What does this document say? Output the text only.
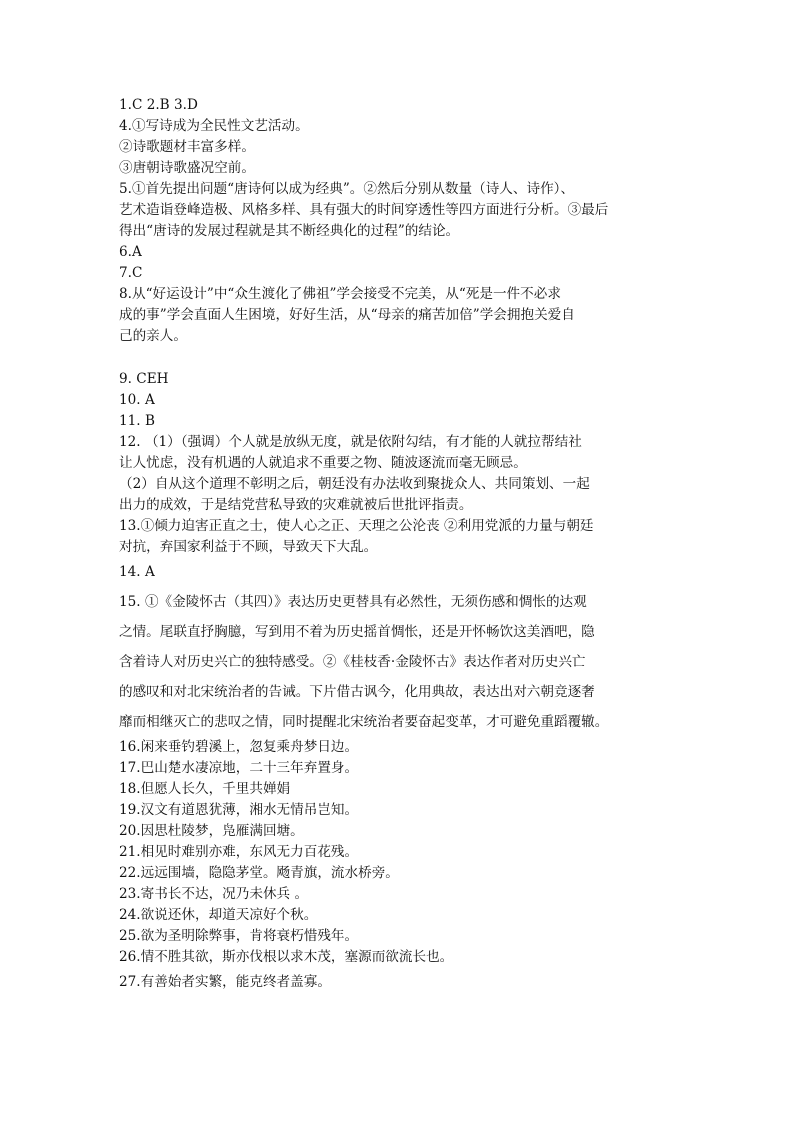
1.C 2.B 3.D
4.①写诗成为全民性文艺活动。
②诗歌题材丰富多样。
③唐朝诗歌盛况空前。
5.①首先提出问题“唐诗何以成为经典”。②然后分别从数量（诗人、诗作）、
艺术造诣登峰造极、风格多样、具有强大的时间穿透性等四方面进行分析。③最后
得出“唐诗的发展过程就是其不断经典化的过程”的结论。
6.A
7.C
8.从“好运设计”中“众生渡化了佛祖”学会接受不完美，从“死是一件不必求
成的事”学会直面人生困境，好好生活，从“母亲的痛苦加倍”学会拥抱关爱自
己的亲人。
9. CEH
10. A
11. B
12. （1）（强调）个人就是放纵无度，就是依附勾结，有才能的人就拉帮结社
让人忧虑，没有机遇的人就追求不重要之物、随波逐流而毫无顾忌。
（2）自从这个道理不彰明之后，朝廷没有办法收到聚拢众人、共同策划、一起
出力的成效，于是结党营私导致的灾难就被后世批评指责。
13.①倾力迫害正直之士，使人心之正、天理之公沦丧 ②利用党派的力量与朝廷
对抗，弃国家利益于不顾，导致天下大乱。
14. A
15. ①《金陵怀古（其四）》表达历史更替具有必然性，无须伤感和惆怅的达观
之情。尾联直抒胸臆，写到用不着为历史摇首惆怅，还是开怀畅饮这美酒吧，隐
含着诗人对历史兴亡的独特感受。②《桂枝香·金陵怀古》表达作者对历史兴亡
的感叹和对北宋统治者的告诫。下片借古讽今，化用典故，表达出对六朝竞逐奢
靡而相继灭亡的悲叹之情，同时提醒北宋统治者要奋起变革，才可避免重蹈覆辙。
16.闲来垂钓碧溪上，忽复乘舟梦日边。
17.巴山楚水凄凉地，二十三年弃置身。
18.但愿人长久，千里共婵娟
19.汉文有道恩犹薄，湘水无情吊岂知。
20.因思杜陵梦，凫雁满回塘。
21.相见时难别亦难，东风无力百花残。
22.远远围墙，隐隐茅堂。飏青旗，流水桥旁。
23.寄书长不达，况乃未休兵 。
24.欲说还休，却道天凉好个秋。
25.欲为圣明除弊事，肯将衰朽惜残年。
26.情不胜其欲，斯亦伐根以求木茂，塞源而欲流长也。
27.有善始者实繁，能克终者盖寡。
